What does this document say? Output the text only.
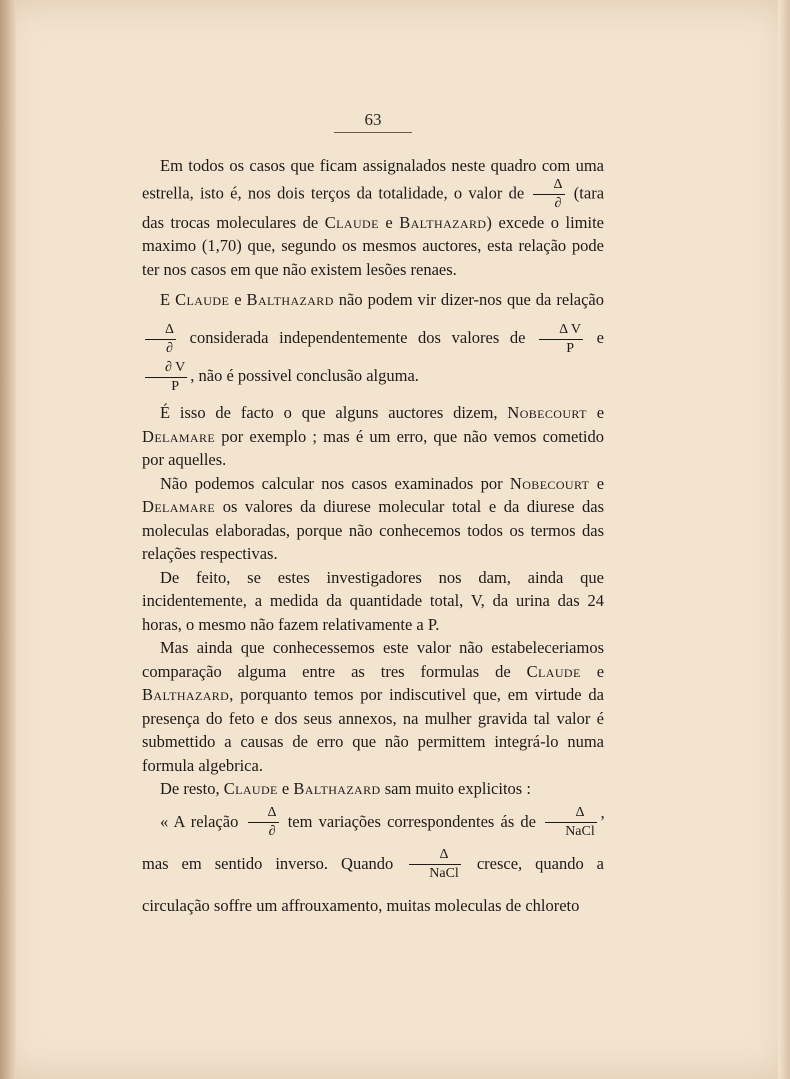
63

Em todos os casos que ficam assignalados neste quadro com uma estrella, isto é, nos dois terços da totalidade, o valor de $\frac{\Delta}{\partial}$ (tara das trocas moleculares de Claude e Balthazard) excede o limite maximo (1,70) que, segundo os mesmos auctores, esta relação pode ter nos casos em que não existem lesões renaes.

E Claude e Balthazard não podem vir dizer-nos que da relação
$\frac{\Delta}{\partial}$ considerada independentemente dos valores de $\frac{\text{Δ V}}{P}$ e
$\frac{\partial V}{P}$ , não é possivel conclusão alguma.

É isso de facto o que alguns auctores dizem, Nobecourt e Delamare por exemplo ; mas é um erro, que não vemos cometido por aquelles.

Não podemos calcular nos casos examinados por Nobecourt e Delamare os valores da diurese molecular total e da diurese das moleculas elaboradas, porque não conhecemos todos os termos das relações respectivas.

De feito, se estes investigadores nos dam, ainda que incidentemente, a medida da quantidade total, V, da urina das 24 horas, o mesmo não fazem relativamente a P.

Mas ainda que conhecessemos este valor não estabeleceriamos comparação alguma entre as tres formulas de Claude e Balthazard, porquanto temos por indiscutivel que, em virtude da presença do feto e dos seus annexos, na mulher gravida tal valor é submettido a causas de erro que não permittem integrá-lo numa formula algebrica.

De resto, Claude e Balthazard sam muito explicitos :

« A relação $\frac{\Delta}{\partial}$ tem variações correspondentes ás de $\frac{\Delta}{\text{NaCl}}$ ’ mas em sentido inverso. Quando $\frac{\Delta}{\text{NaCl}}$ cresce, quando a circulação soffre um affrouxamento, muitas moleculas de chloreto
